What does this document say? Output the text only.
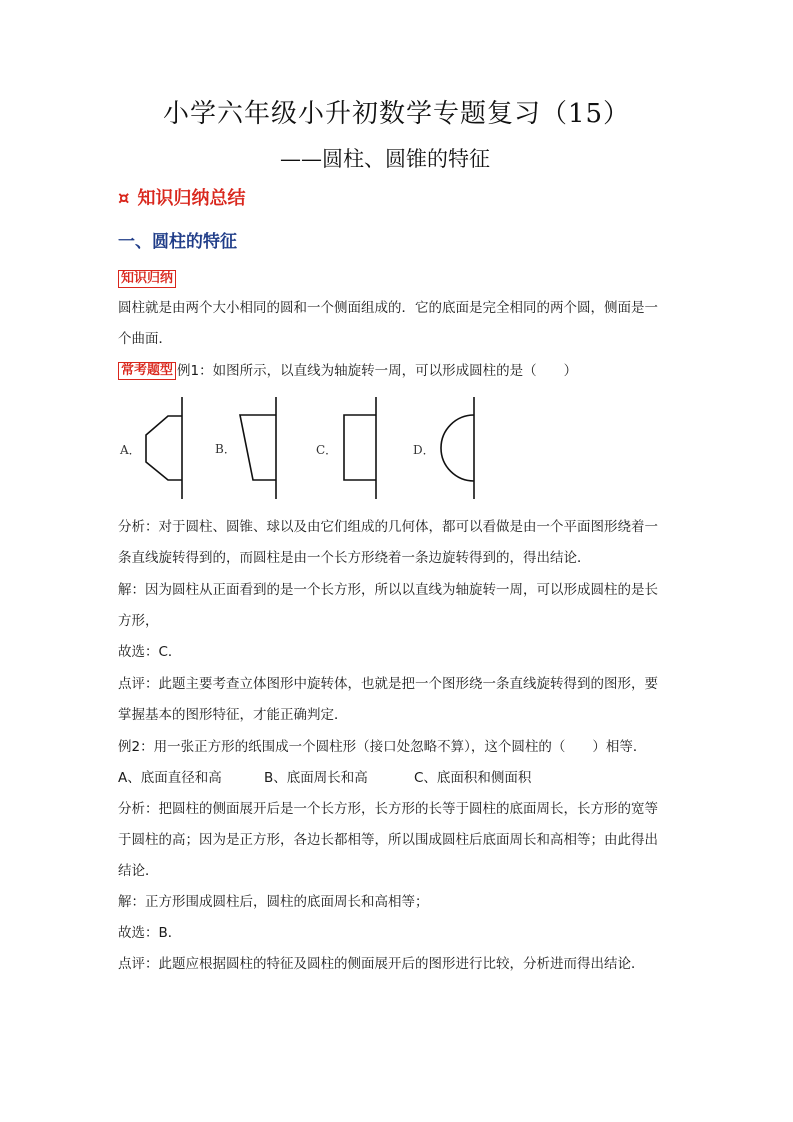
小学六年级小升初数学专题复习（15）
——圆柱、圆锥的特征
¤ 知识归纳总结
一、圆柱的特征
知识归纳
圆柱就是由两个大小相同的圆和一个侧面组成的．它的底面是完全相同的两个圆，侧面是一
个曲面．
常考题型 例1：如图所示，以直线为轴旋转一周，可以形成圆柱的是（　　）
A．	B．	C．	D．
分析：对于圆柱、圆锥、球以及由它们组成的几何体，都可以看做是由一个平面图形绕着一
条直线旋转得到的，而圆柱是由一个长方形绕着一条边旋转得到的，得出结论．
解：因为圆柱从正面看到的是一个长方形，所以以直线为轴旋转一周，可以形成圆柱的是长
方形，
故选：C．
点评：此题主要考查立体图形中旋转体，也就是把一个图形绕一条直线旋转得到的图形，要
掌握基本的图形特征，才能正确判定．
例2：用一张正方形的纸围成一个圆柱形（接口处忽略不算），这个圆柱的（　　）相等．
A、底面直径和高	B、底面周长和高	C、底面积和侧面积
分析：把圆柱的侧面展开后是一个长方形，长方形的长等于圆柱的底面周长，长方形的宽等
于圆柱的高；因为是正方形，各边长都相等，所以围成圆柱后底面周长和高相等；由此得出
结论．
解：正方形围成圆柱后，圆柱的底面周长和高相等；
故选：B．
点评：此题应根据圆柱的特征及圆柱的侧面展开后的图形进行比较，分析进而得出结论．
